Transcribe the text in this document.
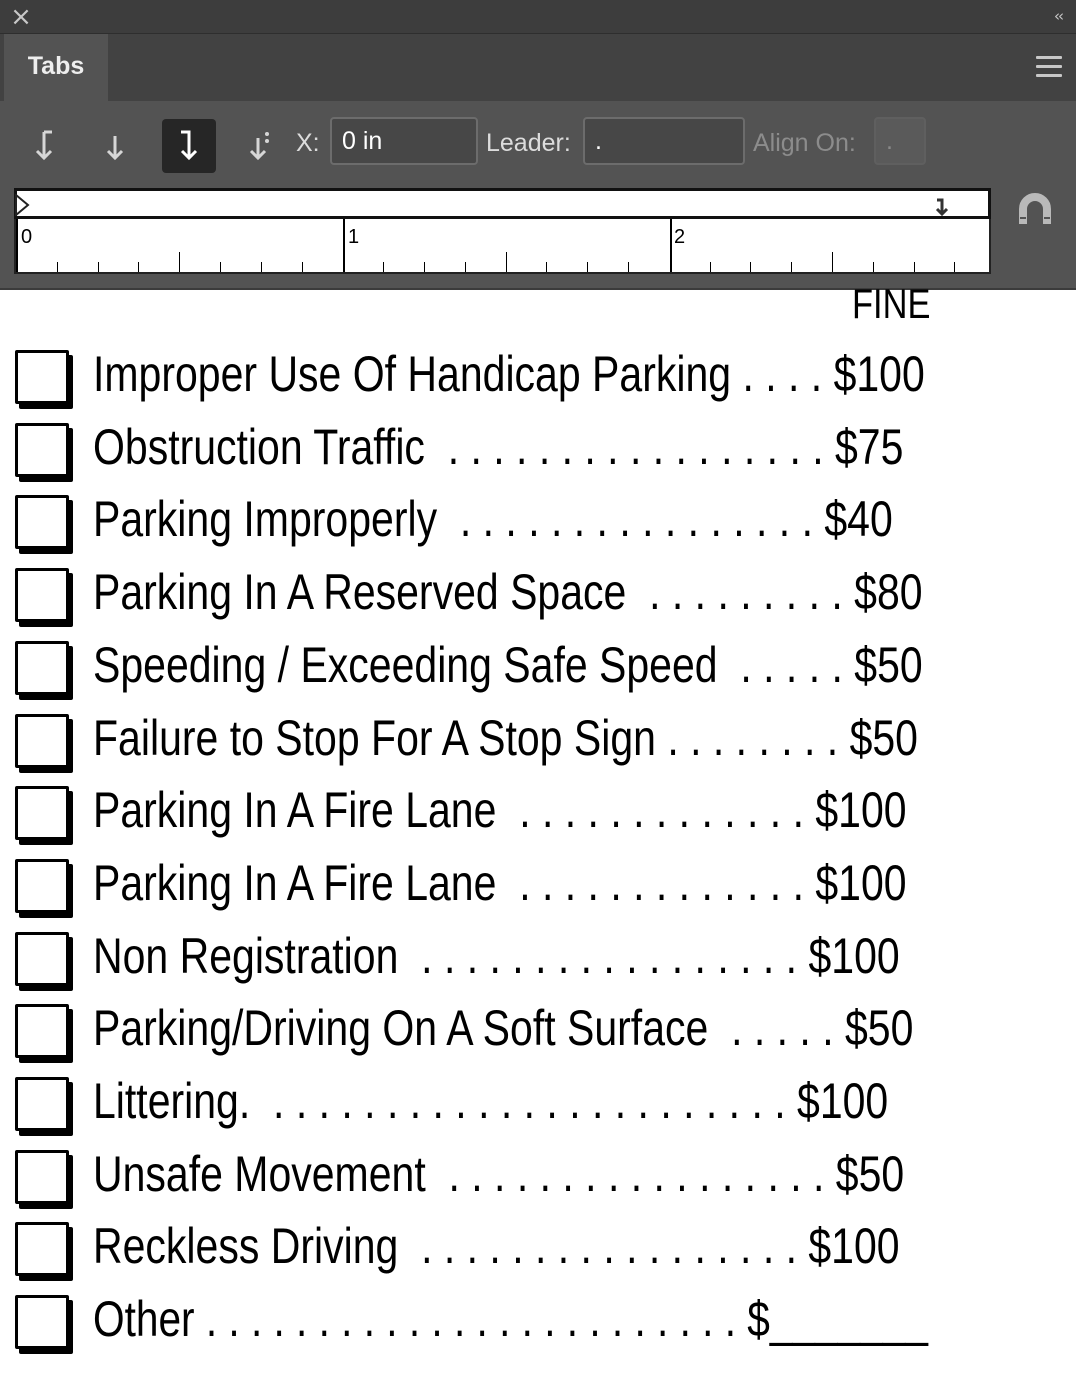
×	‹‹
Tabs
X:
0 in	Leader:
.	Align On:
.
0	1	2
FINE
Improper Use Of Handicap Parking . . . . $100
Obstruction Traffic  . . . . . . . . . . . . . . . . . $75
Parking Improperly  . . . . . . . . . . . . . . . . $40
Parking In A Reserved Space  . . . . . . . . . $80
Speeding / Exceeding Safe Speed  . . . . . $50
Failure to Stop For A Stop Sign . . . . . . . . $50
Parking In A Fire Lane  . . . . . . . . . . . . . $100
Parking In A Fire Lane  . . . . . . . . . . . . . $100
Non Registration  . . . . . . . . . . . . . . . . . $100
Parking/Driving On A Soft Surface  . . . . . $50
Littering.  . . . . . . . . . . . . . . . . . . . . . . . $100
Unsafe Movement  . . . . . . . . . . . . . . . . . $50
Reckless Driving  . . . . . . . . . . . . . . . . . $100
Other . . . . . . . . . . . . . . . . . . . . . . . . $_______
